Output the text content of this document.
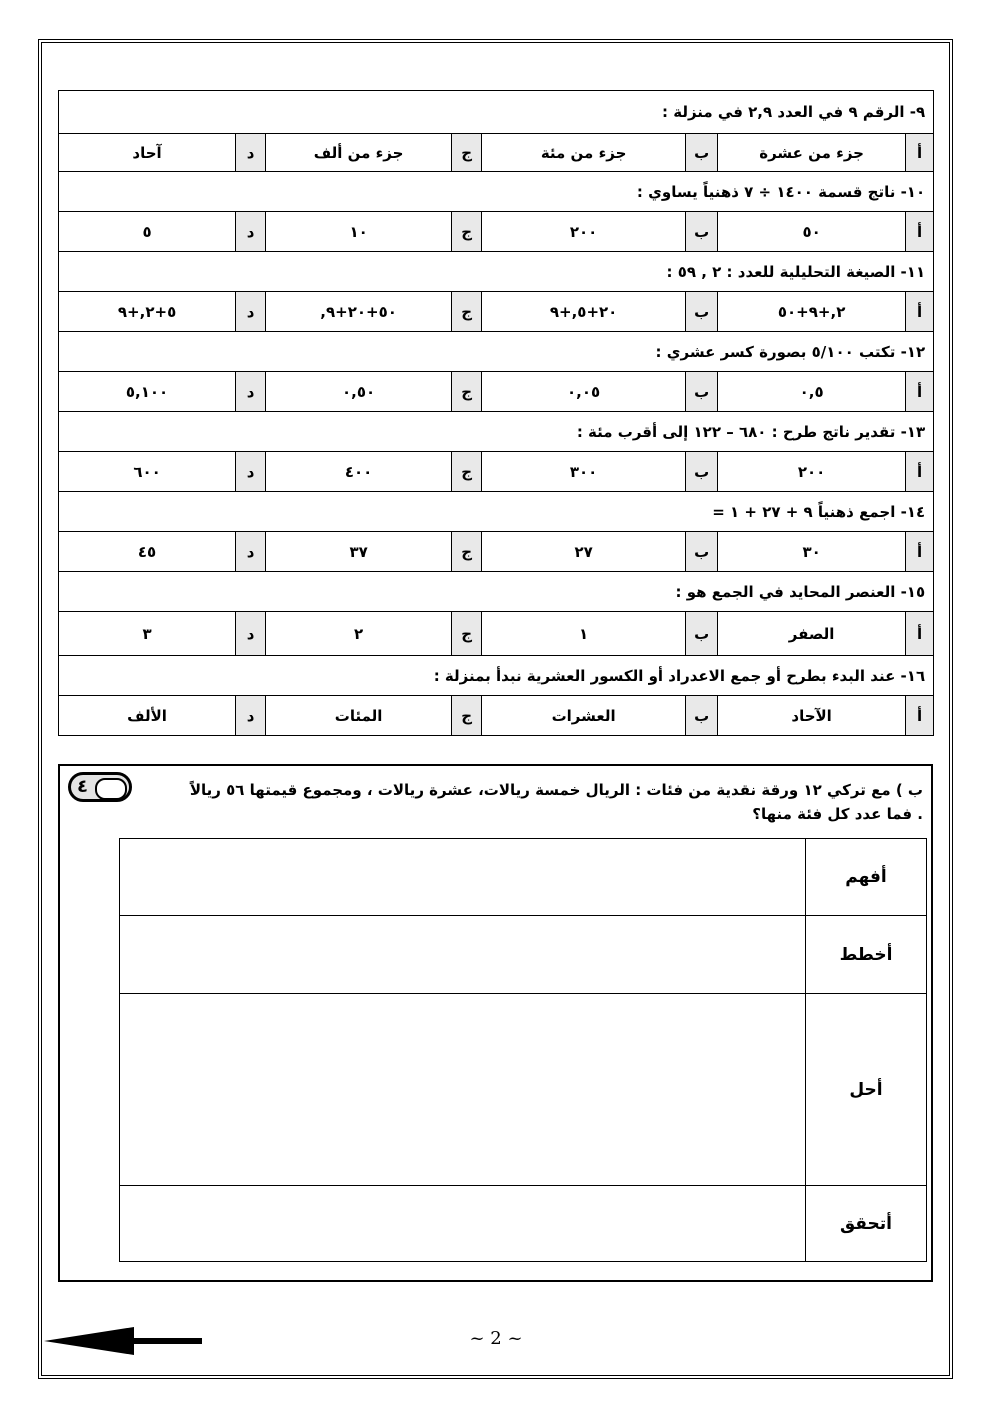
٩- الرقم ٩ في العدد ٢,٩ في منزلة :							
أ	جزء من عشرة	ب	جزء من مئة	ج	جزء من ألف	د	آحاد
١٠- ناتج قسمة ١٤٠٠ ÷ ٧ ذهنياً يساوي :							
أ	٥٠	ب	٢٠٠	ج	١٠	د	٥
١١- الصيغة التحليلية للعدد : ٢ , ٥٩ :							
أ	٢,+٩+٥٠	ب	٢٠+٥,+٩	ج	٥٠+٢٠+٩,	د	٥+٢,+٩
١٢- تكتب ٥/١٠٠ بصورة كسر عشري :							
أ	٠,٥	ب	٠,٠٥	ج	٠,٥٠	د	٥,١٠٠
١٣- تقدير ناتج طرح : ٦٨٠ – ١٢٢ إلى أقرب مئة :							
أ	٢٠٠	ب	٣٠٠	ج	٤٠٠	د	٦٠٠
١٤- اجمع ذهنياً ٩ + ٢٧ + ١ =							
أ	٣٠	ب	٢٧	ج	٣٧	د	٤٥
١٥- العنصر المحايد في الجمع هو :							
أ	الصفر	ب	١	ج	٢	د	٣
١٦- عند البدء بطرح أو جمع الاعدراد أو الكسور العشرية نبدأ بمنزلة :							
أ	الآحاد	ب	العشرات	ج	المئات	د	الألف
ب ) مع تركي ١٢ ورقة نقدية من فئات : الريال خمسة ريالات، عشرة ريالات ، ومجموع قيمتها ٥٦ ريالاً
. فما عدد كل فئة منها؟
٤
أفهم	
أخطط	
أحل	
أتحقق	
~ 2 ~
